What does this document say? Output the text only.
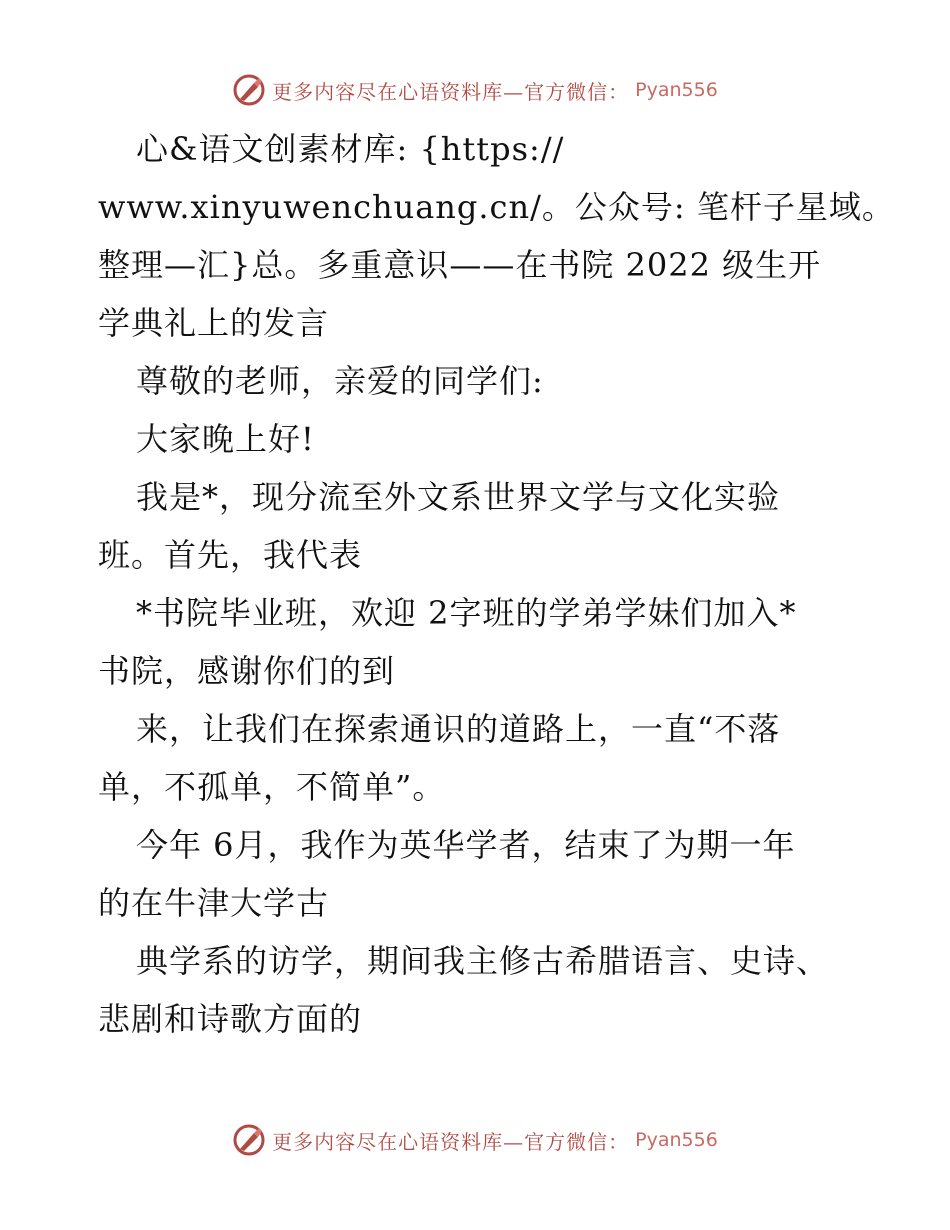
更多内容尽在心语资料库—官方微信： Pyan556
心&语文创素材库: {https://
www.xinyuwenchuang.cn/。公众号: 笔杆子星域。
整理—汇}总。多重意识——在书院 2022 级生开
学典礼上的发言
尊敬的老师，亲爱的同学们:
大家晚上好!
我是*，现分流至外文系世界文学与文化实验
班。首先，我代表
*书院毕业班，欢迎 2字班的学弟学妹们加入*
书院，感谢你们的到
来，让我们在探索通识的道路上，一直“不落
单，不孤单，不简单”。
今年 6月，我作为英华学者，结束了为期一年
的在牛津大学古
典学系的访学，期间我主修古希腊语言、史诗、
悲剧和诗歌方面的
更多内容尽在心语资料库—官方微信： Pyan556
